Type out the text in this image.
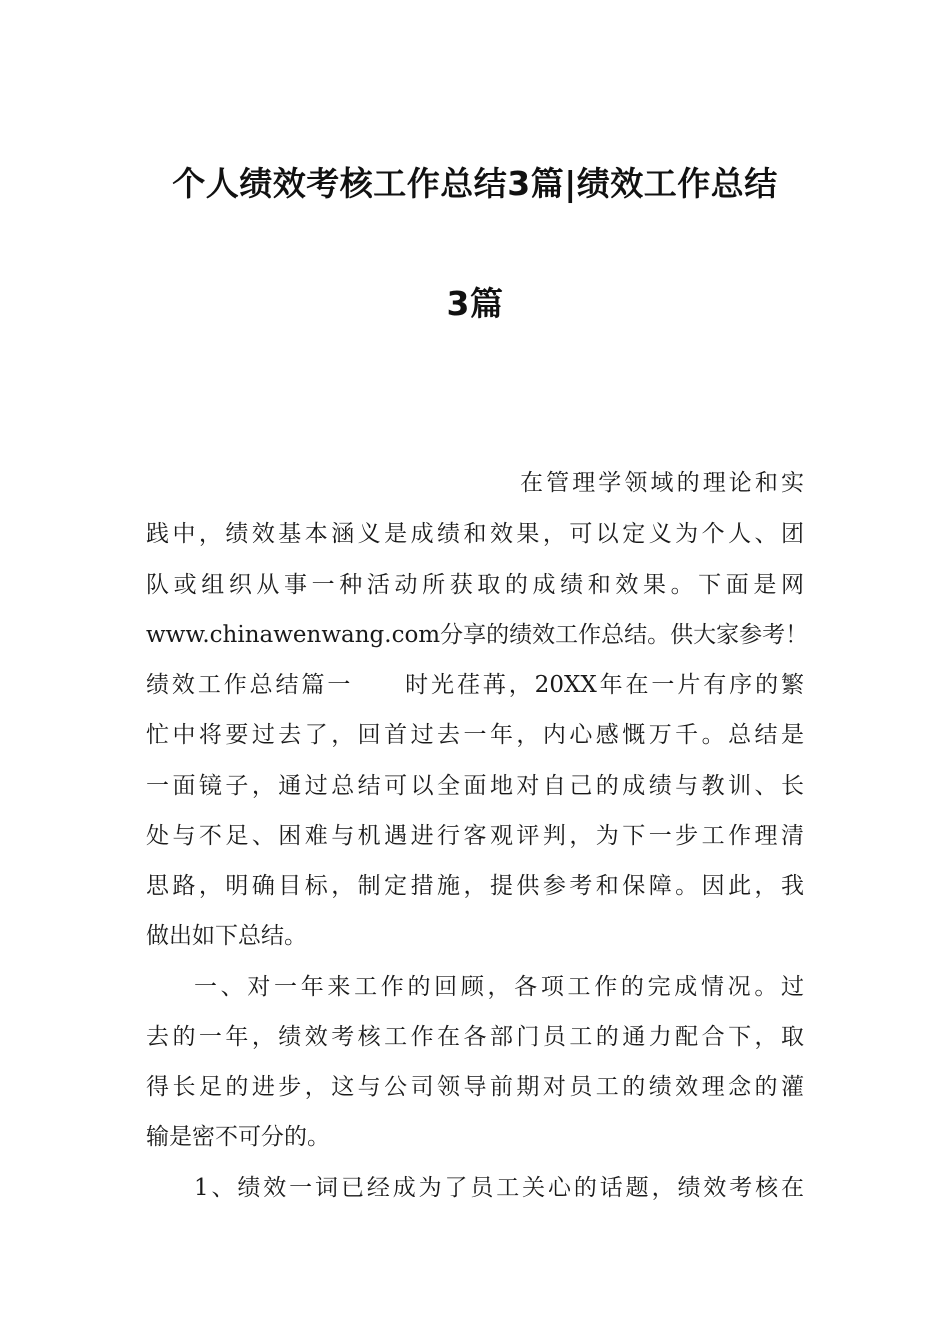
个人绩效考核工作总结3篇|绩效工作总结
3篇
在管理学领域的理论和实
践中，绩效基本涵义是成绩和效果，可以定义为个人、团
队或组织从事一种活动所获取的成绩和效果。下面是网
www.chinawenwang.com分享的绩效工作总结。供大家参考！
绩效工作总结篇一　　时光荏苒，20XX年在一片有序的繁
忙中将要过去了，回首过去一年，内心感慨万千。总结是
一面镜子，通过总结可以全面地对自己的成绩与教训、长
处与不足、困难与机遇进行客观评判，为下一步工作理清
思路，明确目标，制定措施，提供参考和保障。因此，我
做出如下总结。
一、对一年来工作的回顾，各项工作的完成情况。过
去的一年，绩效考核工作在各部门员工的通力配合下，取
得长足的进步，这与公司领导前期对员工的绩效理念的灌
输是密不可分的。
1、绩效一词已经成为了员工关心的话题，绩效考核在
